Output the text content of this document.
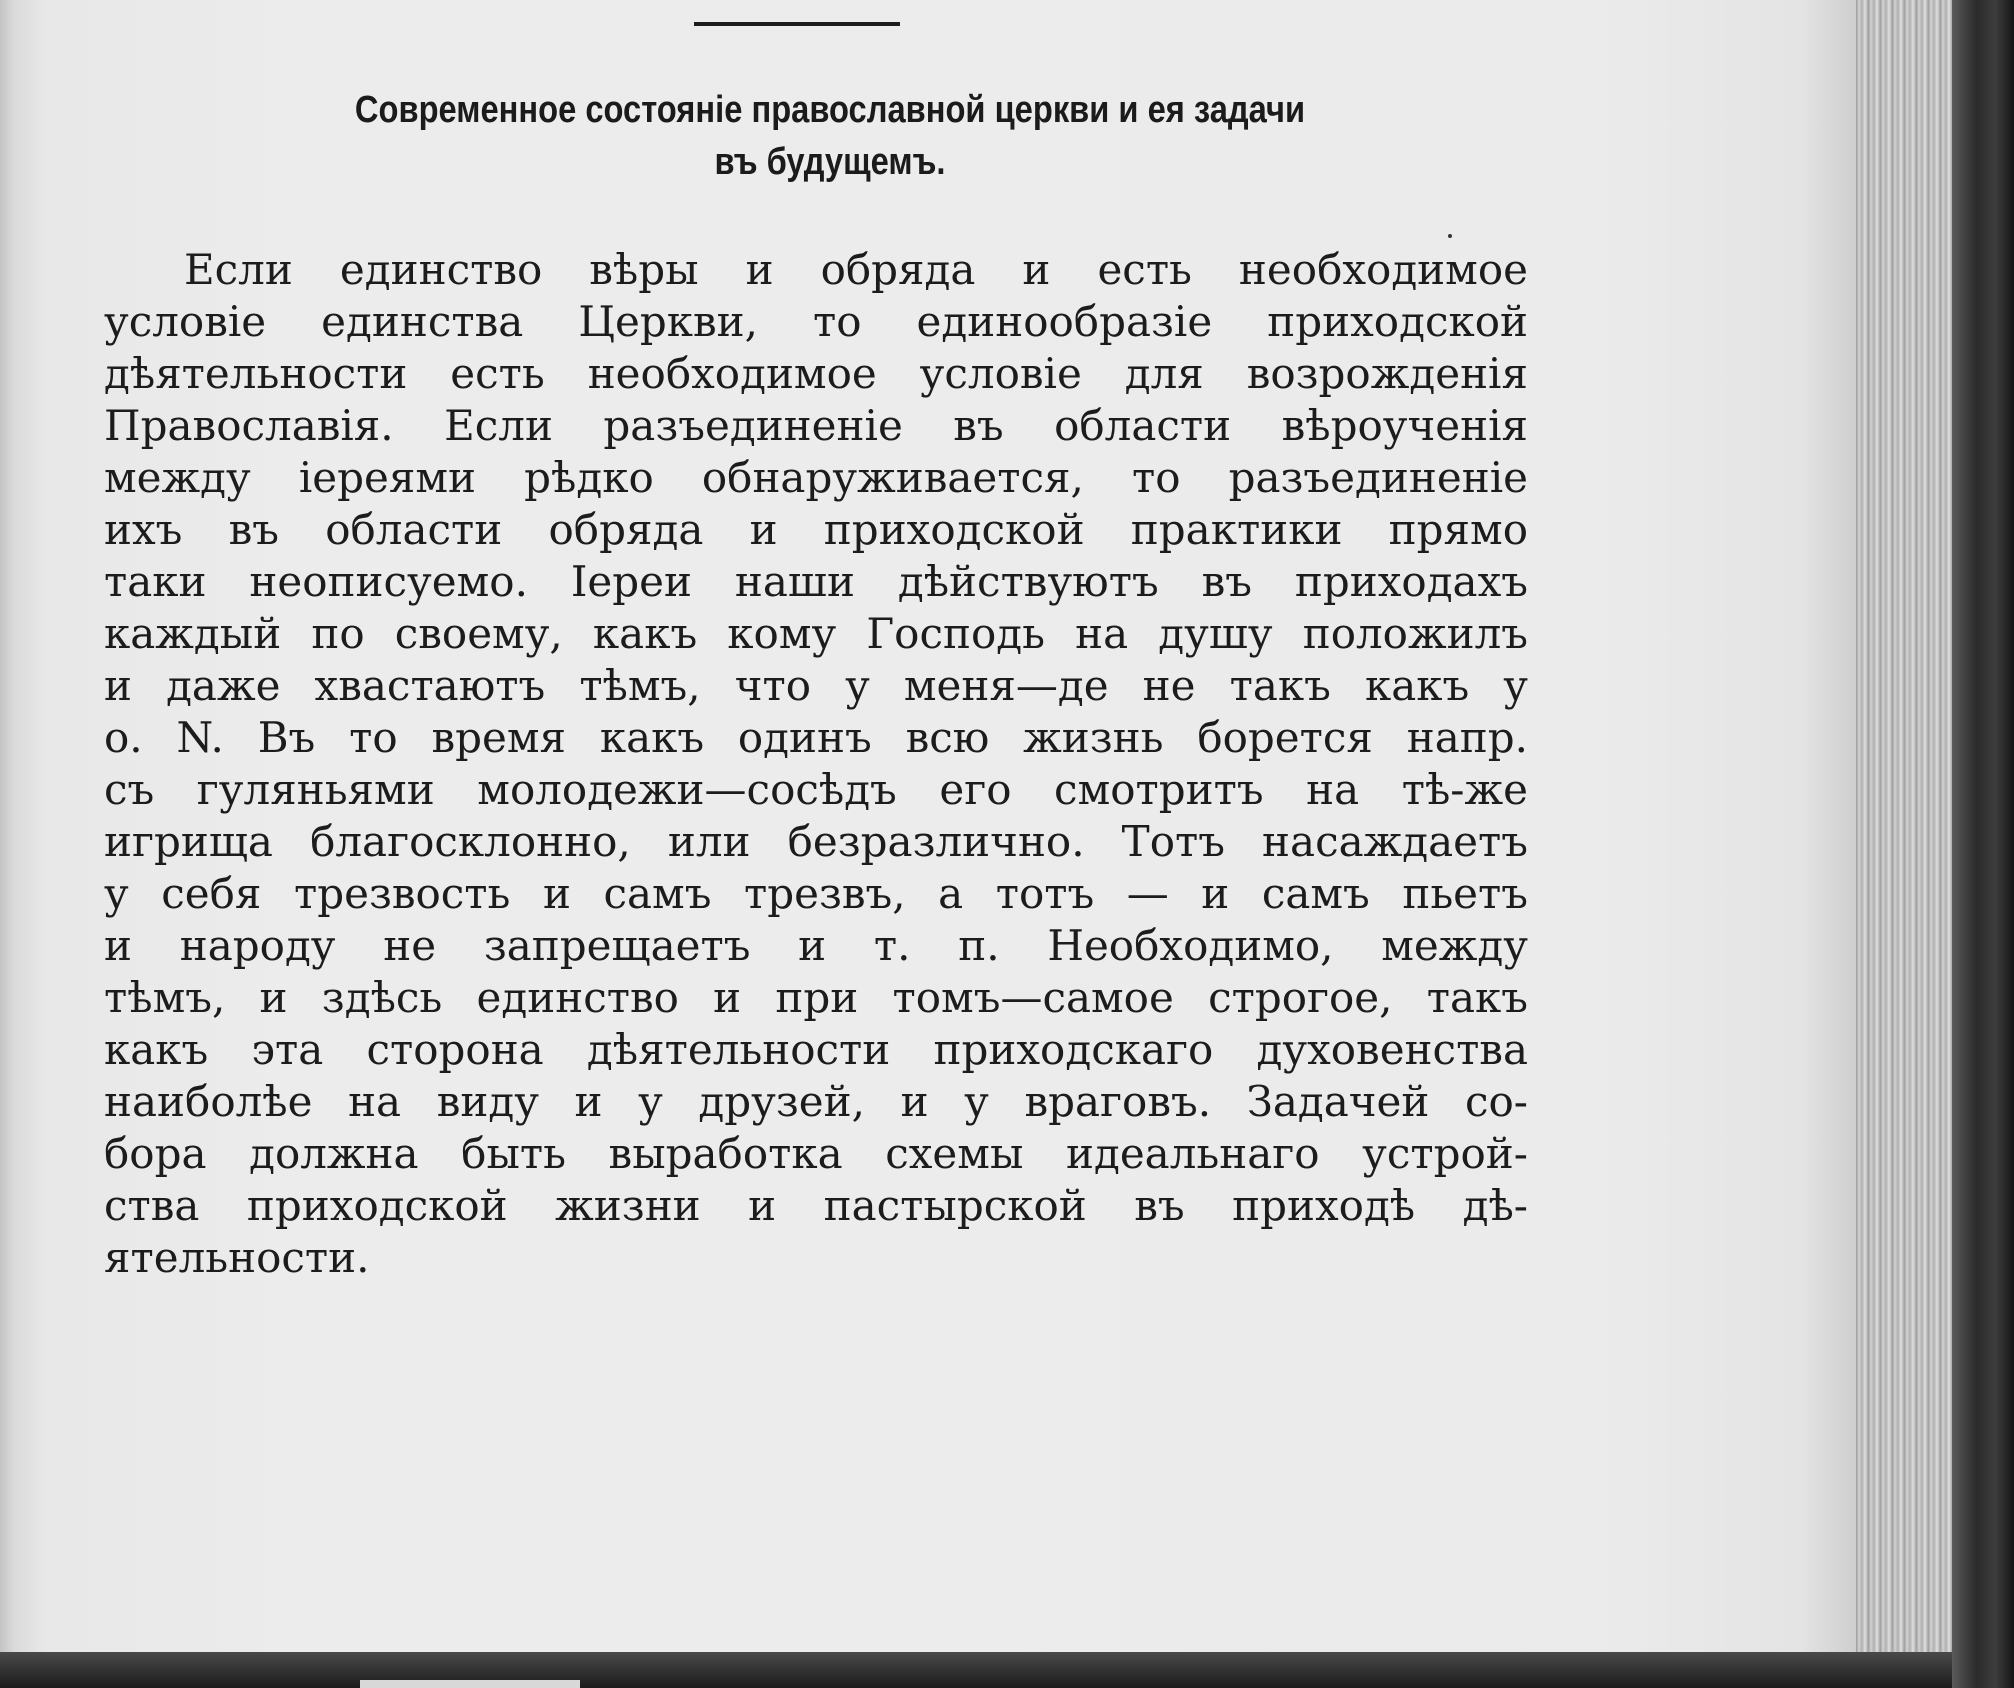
Современное состоянiе православной церкви и ея задачи
въ будущемъ.
Если единство вѣры и обряда и есть необходимое
условiе единства Церкви, то единообразiе приходской
дѣятельности есть необходимое условiе для возрожденiя
Православiя. Если разъединенiе въ области вѣроученiя
между iереями рѣдко обнаруживается, то разъединенiе
ихъ въ области обряда и приходской практики прямо
таки неописуемо. Iереи наши дѣйствуютъ въ приходахъ
каждый по своему, какъ кому Господь на душу положилъ
и даже хвастаютъ тѣмъ, что у меня—де не такъ какъ у
о. N. Въ то время какъ одинъ всю жизнь борется напр.
съ гуляньями молодежи—сосѣдъ его смотритъ на тѣ-же
игрища благосклонно, или безразлично. Тотъ насаждаетъ
у себя трезвость и самъ трезвъ, а тотъ — и самъ пьетъ
и народу не запрещаетъ и т. п. Необходимо, между
тѣмъ, и здѣсь единство и при томъ—самое строгое, такъ
какъ эта сторона дѣятельности приходскаго духовенства
наиболѣе на виду и у друзей, и у враговъ. Задачей со-
бора должна быть выработка схемы идеальнаго устрой-
ства приходской жизни и пастырской въ приходѣ дѣ-
ятельности.
